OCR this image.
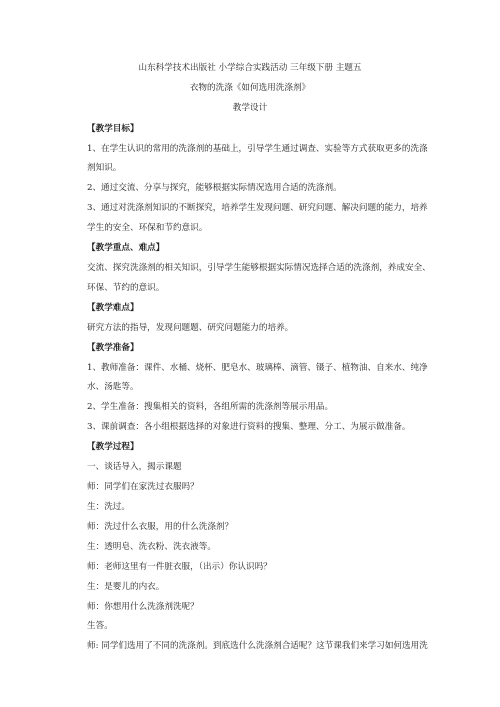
山东科学技术出版社 小学综合实践活动 三年级下册 主题五
衣物的洗涤《如何选用洗涤剂》
教学设计
【教学目标】
1、在学生认识的常用的洗涤剂的基础上，引导学生通过调查、实验等方式获取更多的洗涤
剂知识。
2、通过交流、分享与探究，能够根据实际情况选用合适的洗涤剂。
3、通过对洗涤剂知识的不断探究，培养学生发现问题、研究问题、解决问题的能力，培养
学生的安全、环保和节约意识。
【教学重点、难点】
交流、探究洗涤剂的相关知识，引导学生能够根据实际情况选择合适的洗涤剂，养成安全、
环保、节约的意识。
【教学难点】
研究方法的指导，发现问题题、研究问题能力的培养。
【教学准备】
1、教师准备：课件、水桶、烧杯、肥皂水、玻璃棒、滴管、镊子、植物油、自来水、纯净
水、汤匙等。
2、学生准备：搜集相关的资料，各组所需的洗涤剂等展示用品。
3、课前调查：各小组根据选择的对象进行资料的搜集、整理、分工、为展示做准备。
【教学过程】
一、谈话导入，揭示课题
师：同学们在家洗过衣服吗？
生：洗过。
师：洗过什么衣服，用的什么洗涤剂？
生：透明皂、洗衣粉、洗衣液等。
师：老师这里有一件脏衣服，（出示）你认识吗？
生：是婴儿的内衣。
师：你想用什么洗涤剂洗呢？
生答。
师: 同学们选用了不同的洗涤剂。到底选什么洗涤剂合适呢？这节课我们来学习如何选用洗
